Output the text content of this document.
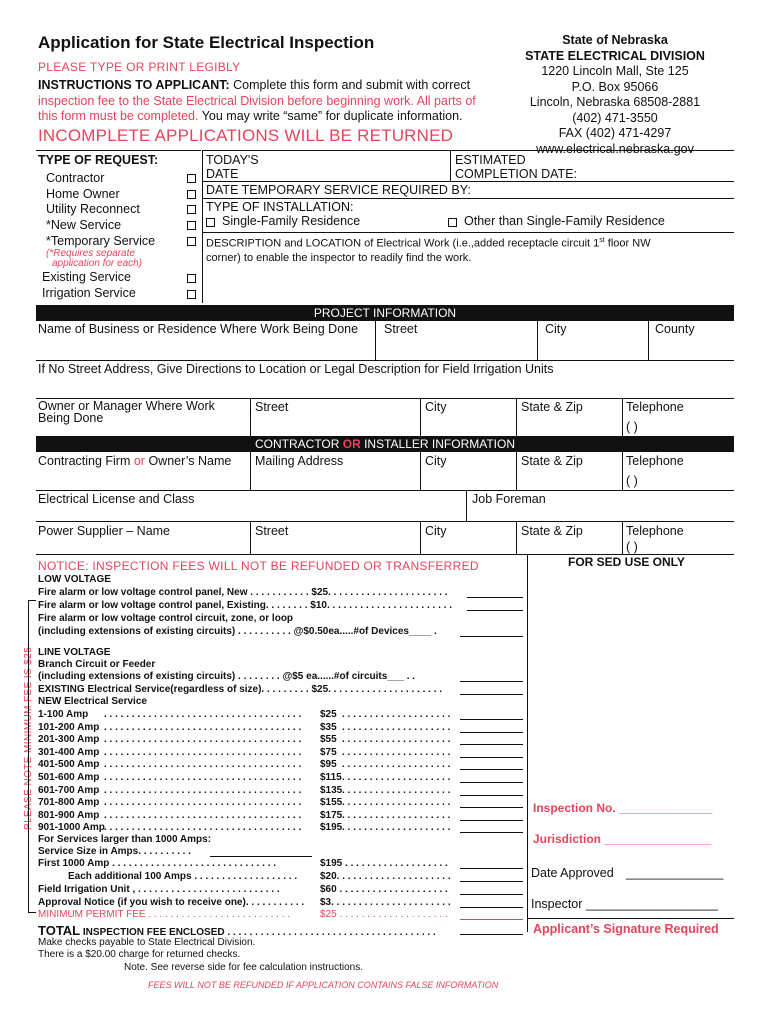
Application for State Electrical Inspection
PLEASE TYPE OR PRINT LEGIBLY
INSTRUCTIONS TO APPLICANT: Complete this form and submit with correct
inspection fee to the State Electrical Division before beginning work. All parts of
this form must be completed. You may write “same” for duplicate information.
INCOMPLETE APPLICATIONS WILL BE RETURNED
State of Nebraska
STATE ELECTRICAL DIVISION
1220 Lincoln Mall, Ste 125
P.O. Box 95066
Lincoln, Nebraska 68508-2881
(402) 471-3550
FAX (402) 471-4297
www.electrical.nebraska.gov
TYPE OF REQUEST:
Contractor
Home Owner
Utility Reconnect
*New Service
*Temporary Service
(*Requires separate
application for each)
Existing Service
Irrigation Service
TODAY'S
DATE
ESTIMATED
COMPLETION DATE:
DATE TEMPORARY SERVICE REQUIRED BY:
TYPE OF INSTALLATION:
Single-Family Residence	Other than Single-Family Residence
DESCRIPTION and LOCATION of Electrical Work (i.e.,added receptacle circuit 1st floor NW
corner) to enable the inspector to readily find the work.
PROJECT INFORMATION
Name of Business or Residence Where Work Being Done Street	City	County
If No Street Address, Give Directions to Location or Legal Description for Field Irrigation Units
Owner or Manager Where Work
Being Done
Street	City	State & Zip	Telephone
( )
CONTRACTOR OR INSTALLER INFORMATION
Contracting Firm or Owner’s Name Mailing Address	City	State & Zip	Telephone
( )
Electrical License and Class	Job Foreman
Power Supplier – Name	Street	City	State & Zip	Telephone
( )
NOTICE: INSPECTION FEES WILL NOT BE REFUNDED OR TRANSFERRED	FOR SED USE ONLY
PLEASE NOTE MINIMUM FEE IS $25
LOW VOLTAGE
Fire alarm or low voltage control panel, New . . . . . . . . . . . $25. . . . . . . . . . . . . . . . . . . . . .
Fire alarm or low voltage control panel, Existing. . . . . . . . $10. . . . . . . . . . . . . . . . . . . . . . .
Fire alarm or low voltage control circuit, zone, or loop
(including extensions of existing circuits) . . . . . . . . . . @$0.50ea.....#of Devices____ .
LINE VOLTAGE
Branch Circuit or Feeder
(including extensions of existing circuits) . . . . . . . . @$5 ea......#of circuits___ . .
EXISTING Electrical Service(regardless of size). . . . . . . . . $25. . . . . . . . . . . . . . . . . . . . .
NEW Electrical Service
1-100 Amp . . . . . . . . . . . . . . . . . . . . . . . . . . . . . . . . . . . . $25 . . . . . . . . . . . . . . . . . . . .
101-200 Amp . . . . . . . . . . . . . . . . . . . . . . . . . . . . . . . . . . . . $35 . . . . . . . . . . . . . . . . . . . .
201-300 Amp . . . . . . . . . . . . . . . . . . . . . . . . . . . . . . . . . . . . $55 . . . . . . . . . . . . . . . . . . . .
301-400 Amp . . . . . . . . . . . . . . . . . . . . . . . . . . . . . . . . . . . . $75 . . . . . . . . . . . . . . . . . . . .
401-500 Amp . . . . . . . . . . . . . . . . . . . . . . . . . . . . . . . . . . . . $95 . . . . . . . . . . . . . . . . . . . .
501-600 Amp . . . . . . . . . . . . . . . . . . . . . . . . . . . . . . . . . . . . $115 . . . . . . . . . . . . . . . . . . . .
601-700 Amp . . . . . . . . . . . . . . . . . . . . . . . . . . . . . . . . . . . . $135 . . . . . . . . . . . . . . . . . . . .
701-800 Amp . . . . . . . . . . . . . . . . . . . . . . . . . . . . . . . . . . . . $155 . . . . . . . . . . . . . . . . . . . .
801-900 Amp . . . . . . . . . . . . . . . . . . . . . . . . . . . . . . . . . . . . $175 . . . . . . . . . . . . . . . . . . . .
901-1000 Amp . . . . . . . . . . . . . . . . . . . . . . . . . . . . . . . . . . . . $195 . . . . . . . . . . . . . . . . . . . .
For Services larger than 1000 Amps:
Service Size in Amps. . . . . . . . . .
First 1000 Amp . . . . . . . . . . . . . . . . . . . . . . . . . . . . . .	$195 . . . . . . . . . . . . . . . . . . .
Each additional 100 Amps . . . . . . . . . . . . . . . . . . . $20. . . . . . . . . . . . . . . . . . . . .
Field Irrigation Unit , . . . . . . . . . . . . . . . . . . . . . . . . . .	$60 . . . . . . . . . . . . . . . . . . . .
Approval Notice (if you wish to receive one). . . . . . . . . . . $3. . . . . . . . . . . . . . . . . . . . . .
MINIMUM PERMIT FEE . . . . . . . . . . . . . . . . . . . . . . . . . .	$25 . . . . . . . . . . . . . . . . . . . .
TOTAL INSPECTION FEE ENCLOSED . . . . . . . . . . . . . . . . . . . . . . . . . . . . . . . . . . . . . .
Make checks payable to State Electrical Division.
There is a $20.00 charge for returned checks.
Note. See reverse side for fee calculation instructions.
FEES WILL NOT BE REFUNDED IF APPLICATION CONTAINS FALSE INFORMATION
Inspection No. ______________
Jurisdiction ________________
Date Approved ______________
Inspector ___________________
Applicant’s Signature Required
